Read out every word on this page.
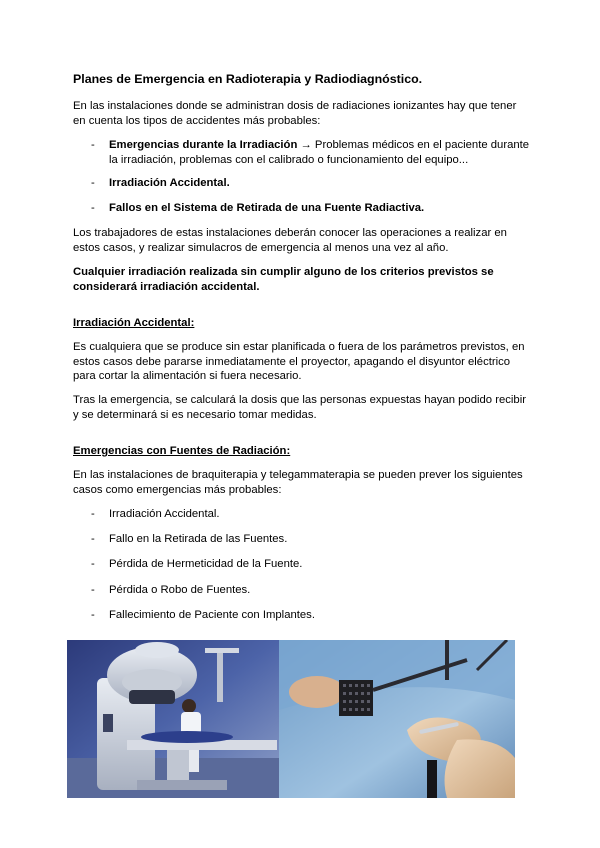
Planes de Emergencia en Radioterapia y Radiodiagnóstico.
En las instalaciones donde se administran dosis de radiaciones ionizantes hay que tener en cuenta los tipos de accidentes más probables:
- Emergencias durante la Irradiación → Problemas médicos en el paciente durante la irradiación, problemas con el calibrado o funcionamiento del equipo...
- Irradiación Accidental.
- Fallos en el Sistema de Retirada de una Fuente Radiactiva.
Los trabajadores de estas instalaciones deberán conocer las operaciones a realizar en estos casos, y realizar simulacros de emergencia al menos una vez al año.
Cualquier irradiación realizada sin cumplir alguno de los criterios previstos se considerará irradiación accidental.
Irradiación Accidental:
Es cualquiera que se produce sin estar planificada o fuera de los parámetros previstos, en estos casos debe pararse inmediatamente el proyector, apagando el disyuntor eléctrico para cortar la alimentación si fuera necesario.
Tras la emergencia, se calculará la dosis que las personas expuestas hayan podido recibir y se determinará si es necesario tomar medidas.
Emergencias con Fuentes de Radiación:
En las instalaciones de braquiterapia y telegammaterapia se pueden prever los siguientes casos como emergencias más probables:
- Irradiación Accidental.
- Fallo en la Retirada de las Fuentes.
- Pérdida de Hermeticidad de la Fuente.
- Pérdida o Robo de Fuentes.
- Fallecimiento de Paciente con Implantes.
